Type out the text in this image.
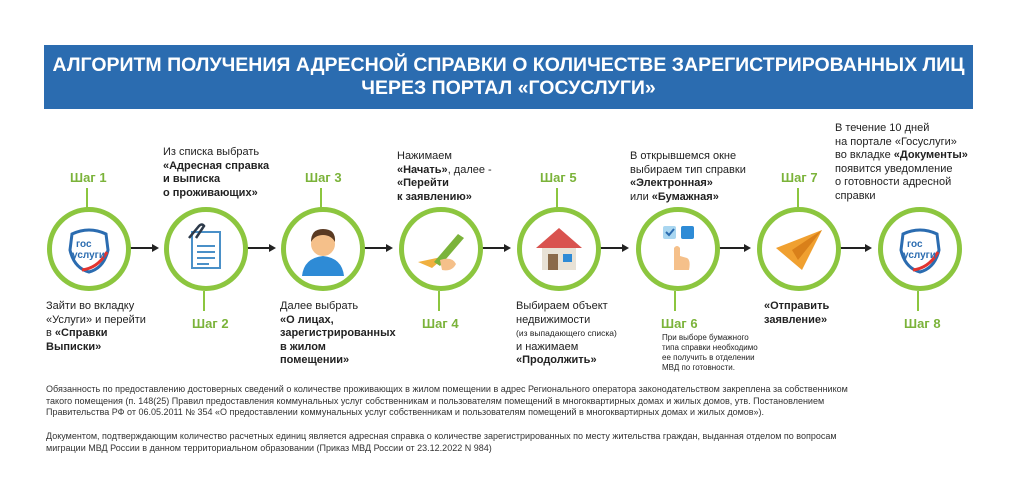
АЛГОРИТМ ПОЛУЧЕНИЯ АДРЕСНОЙ СПРАВКИ О КОЛИЧЕСТВЕ ЗАРЕГИСТРИРОВАННЫХ ЛИЦ
ЧЕРЕЗ ПОРТАЛ «ГОСУСЛУГИ»
Шаг 1
Шаг 2
Шаг 3
Шаг 4
Шаг 5
Шаг 6
Шаг 7
Шаг 8
гос
услуги
гос
услуги
Зайти во вкладку
«Услуги» и перейти
в «Справки
Выписки»
Из списка выбрать
«Адресная справка
и выписка
о проживающих»
Далее выбрать
«О лицах,
зарегистрированных
в жилом
помещении»
Нажимаем
«Начать», далее -
«Перейти
к заявлению»
Выбираем объект
недвижимости
(из выпадающего списка)
и нажимаем
«Продолжить»
В открывшемся окне
выбираем тип справки
«Электронная»
или «Бумажная»
При выборе бумажного
типа справки необходимо
ее получить в отделении
МВД по готовности.
«Отправить
заявление»
В течение 10 дней
на портале «Госуслуги»
во вкладке «Документы»
появится уведомление
о готовности адресной
справки
Обязанность по предоставлению достоверных сведений о количестве проживающих в жилом помещении в адрес Регионального оператора законодательством закреплена за собственником
такого помещения (п. 148(25) Правил предоставления коммунальных услуг собственникам и пользователям помещений в многоквартирных домах и жилых домов, утв. Постановлением
Правительства РФ от 06.05.2011 № 354 «О предоставлении коммунальных услуг собственникам и пользователям помещений в многоквартирных домах и жилых домов»).
Документом, подтверждающим количество расчетных единиц является адресная справка о количестве зарегистрированных по месту жительства граждан, выданная отделом по вопросам
миграции МВД России в данном территориальном образовании (Приказ МВД России от 23.12.2022 N 984)
